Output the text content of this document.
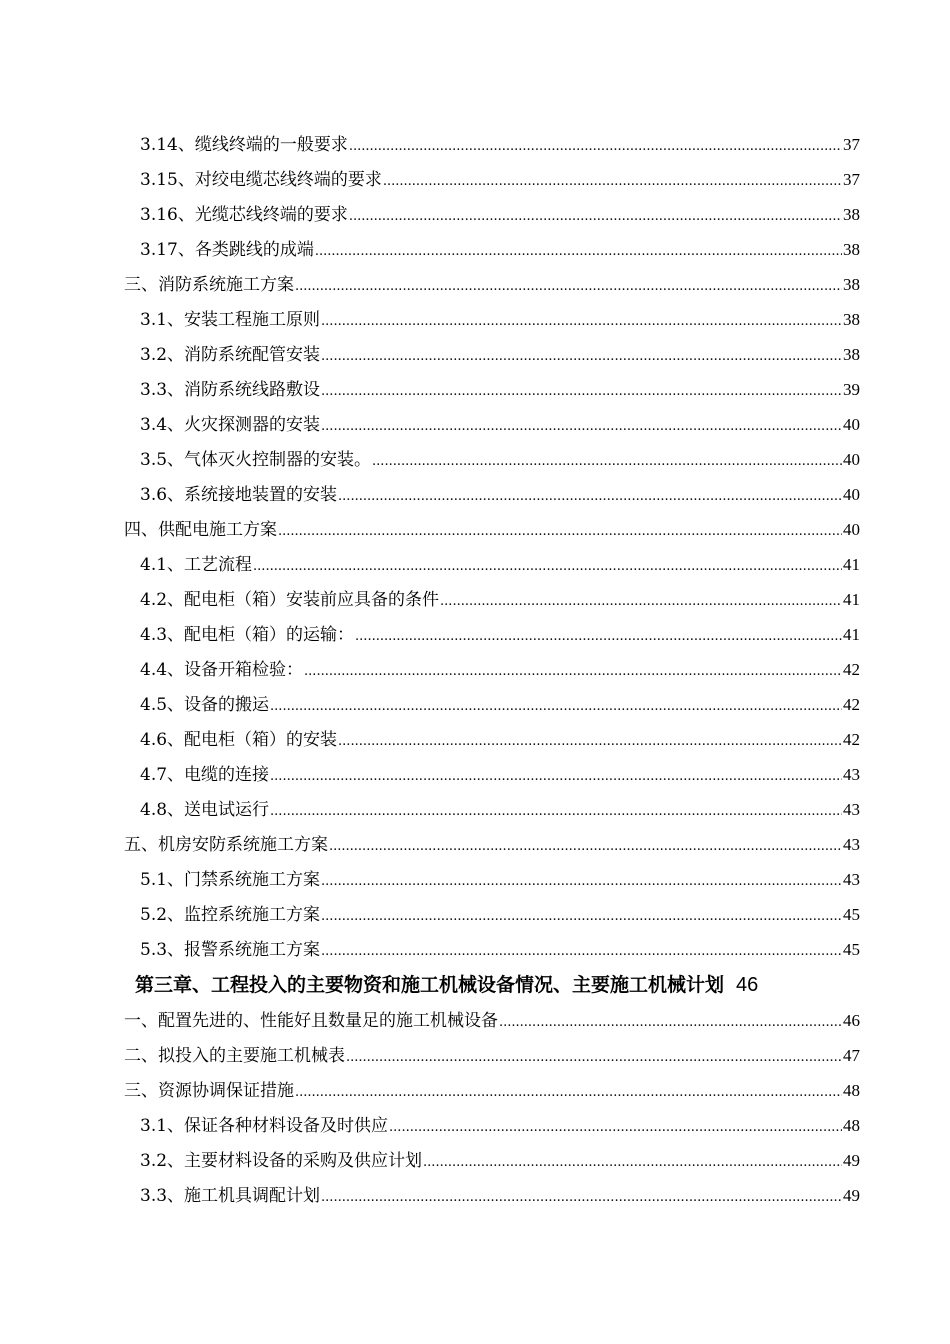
3.14、缆线终端的一般要求 .....	37
3.15、对绞电缆芯线终端的要求 .....	37
3.16、光缆芯线终端的要求 .....	38
3.17、各类跳线的成端 .....	38
三、消防系统施工方案 .....	38
3.1、安装工程施工原则 .....	38
3.2、消防系统配管安装 .....	38
3.3、消防系统线路敷设 .....	39
3.4、火灾探测器的安装 .....	40
3.5、气体灭火控制器的安装。 .....	40
3.6、系统接地装置的安装 .....	40
四、供配电施工方案 .....	40
4.1、工艺流程 .....	41
4.2、配电柜（箱）安装前应具备的条件 .....	41
4.3、配电柜（箱）的运输： .....	41
4.4、设备开箱检验： .....	42
4.5、设备的搬运 .....	42
4.6、配电柜（箱）的安装 .....	42
4.7、电缆的连接 .....	43
4.8、送电试运行 .....	43
五、机房安防系统施工方案 .....	43
5.1、门禁系统施工方案 .....	43
5.2、监控系统施工方案 .....	45
5.3、报警系统施工方案 .....	45
第三章、工程投入的主要物资和施工机械设备情况、主要施工机械计划 46
一、配置先进的、性能好且数量足的施工机械设备 .....	46
二、拟投入的主要施工机械表 .....	47
三、资源协调保证措施 .....	48
3.1、保证各种材料设备及时供应 .....	48
3.2、主要材料设备的采购及供应计划 .....	49
3.3、施工机具调配计划 .....	49
